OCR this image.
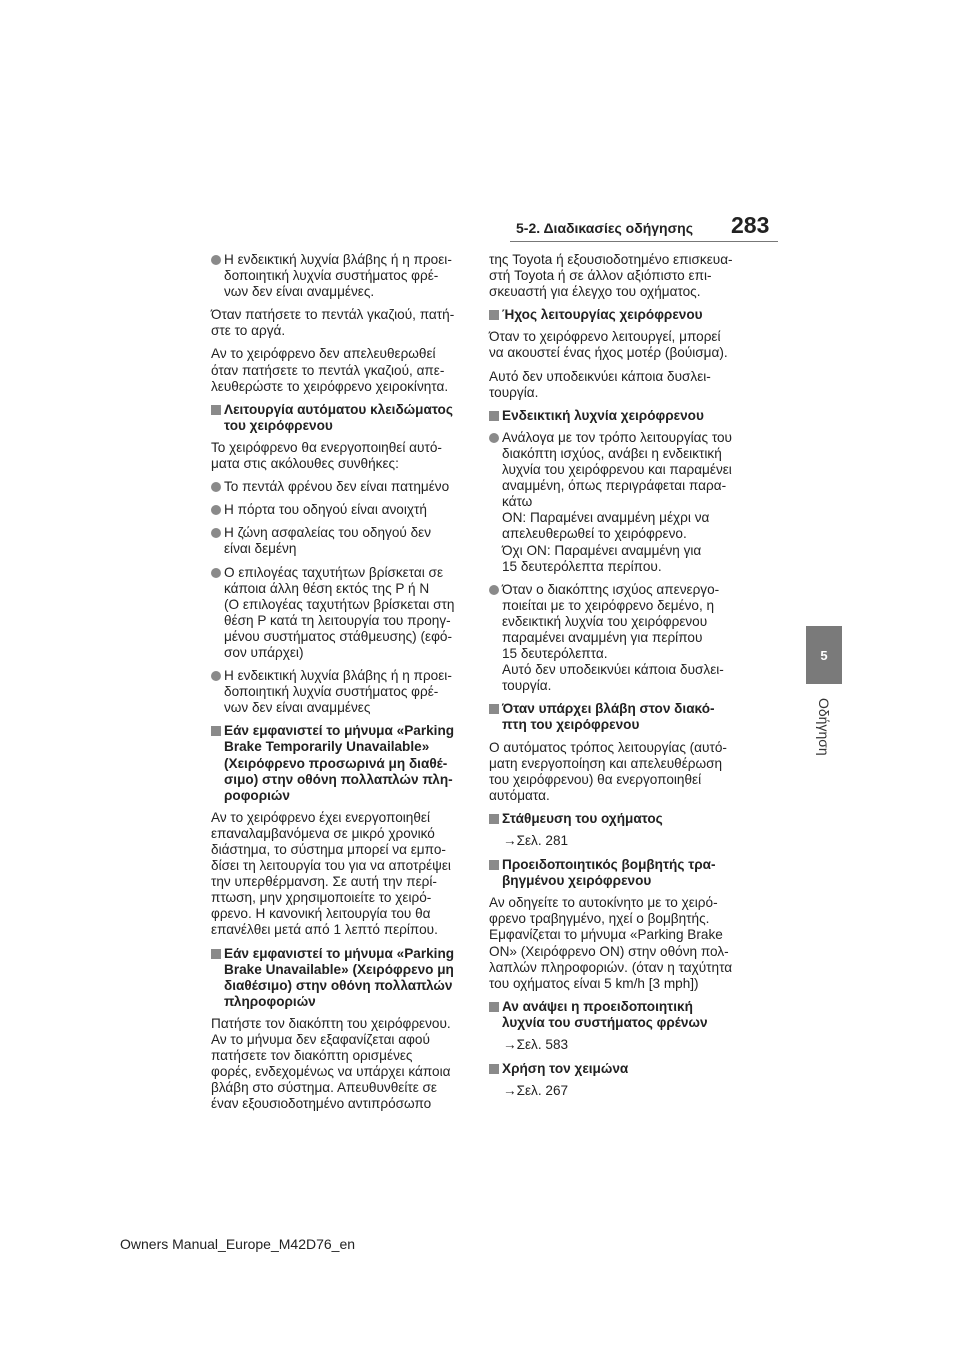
5-2. Διαδικασίες οδήγησης 283
5
Οδήγηση
Η ενδεικτική λυχνία βλάβης ή η προει-
δοποιητική λυχνία συστήματος φρέ-
νων δεν είναι αναμμένες.
Όταν πατήσετε το πεντάλ γκαζιού, πατή-
στε το αργά.
Αν το χειρόφρενο δεν απελευθερωθεί
όταν πατήσετε το πεντάλ γκαζιού, απε-
λευθερώστε το χειρόφρενο χειροκίνητα.
Λειτουργία αυτόματου κλειδώματος
του χειρόφρενου
Το χειρόφρενο θα ενεργοποιηθεί αυτό-
ματα στις ακόλουθες συνθήκες:
Το πεντάλ φρένου δεν είναι πατημένο
Η πόρτα του οδηγού είναι ανοιχτή
Η ζώνη ασφαλείας του οδηγού δεν
είναι δεμένη
Ο επιλογέας ταχυτήτων βρίσκεται σε
κάποια άλλη θέση εκτός της P ή N
(Ο επιλογέας ταχυτήτων βρίσκεται στη
θέση P κατά τη λειτουργία του προηγ-
μένου συστήματος στάθμευσης) (εφό-
σον υπάρχει)
Η ενδεικτική λυχνία βλάβης ή η προει-
δοποιητική λυχνία συστήματος φρέ-
νων δεν είναι αναμμένες
Εάν εμφανιστεί το μήνυμα «Parking
Brake Temporarily Unavailable»
(Χειρόφρενο προσωρινά μη διαθέ-
σιμο) στην οθόνη πολλαπλών πλη-
ροφοριών
Αν το χειρόφρενο έχει ενεργοποιηθεί
επαναλαμβανόμενα σε μικρό χρονικό
διάστημα, το σύστημα μπορεί να εμπο-
δίσει τη λειτουργία του για να αποτρέψει
την υπερθέρμανση. Σε αυτή την περί-
πτωση, μην χρησιμοποιείτε το χειρό-
φρενο. Η κανονική λειτουργία του θα
επανέλθει μετά από 1 λεπτό περίπου.
Εάν εμφανιστεί το μήνυμα «Parking
Brake Unavailable» (Χειρόφρενο μη
διαθέσιμο) στην οθόνη πολλαπλών
πληροφοριών
Πατήστε τον διακόπτη του χειρόφρενου.
Αν το μήνυμα δεν εξαφανίζεται αφού
πατήσετε τον διακόπτη ορισμένες
φορές, ενδεχομένως να υπάρχει κάποια
βλάβη στο σύστημα. Απευθυνθείτε σε
έναν εξουσιοδοτημένο αντιπρόσωπο
της Toyota ή εξουσιοδοτημένο επισκευα-
στή Toyota ή σε άλλον αξιόπιστο επι-
σκευαστή για έλεγχο του οχήματος.
Ήχος λειτουργίας χειρόφρενου
Όταν το χειρόφρενο λειτουργεί, μπορεί
να ακουστεί ένας ήχος μοτέρ (βούισμα).
Αυτό δεν υποδεικνύει κάποια δυσλει-
τουργία.
Ενδεικτική λυχνία χειρόφρενου
Ανάλογα με τον τρόπο λειτουργίας του
διακόπτη ισχύος, ανάβει η ενδεικτική
λυχνία του χειρόφρενου και παραμένει
αναμμένη, όπως περιγράφεται παρα-
κάτω
ON: Παραμένει αναμμένη μέχρι να
απελευθερωθεί το χειρόφρενο.
Όχι ON: Παραμένει αναμμένη για
15 δευτερόλεπτα περίπου.
Όταν ο διακόπτης ισχύος απενεργο-
ποιείται με το χειρόφρενο δεμένο, η
ενδεικτική λυχνία του χειρόφρενου
παραμένει αναμμένη για περίπου
15 δευτερόλεπτα.
Αυτό δεν υποδεικνύει κάποια δυσλει-
τουργία.
Όταν υπάρχει βλάβη στον διακό-
πτη του χειρόφρενου
Ο αυτόματος τρόπος λειτουργίας (αυτό-
ματη ενεργοποίηση και απελευθέρωση
του χειρόφρενου) θα ενεργοποιηθεί
αυτόματα.
Στάθμευση του οχήματος
→Σελ. 281
Προειδοποιητικός βομβητής τρα-
βηγμένου χειρόφρενου
Αν οδηγείτε το αυτοκίνητο με το χειρό-
φρενο τραβηγμένο, ηχεί ο βομβητής.
Εμφανίζεται το μήνυμα «Parking Brake
ON» (Χειρόφρενο ON) στην οθόνη πολ-
λαπλών πληροφοριών. (όταν η ταχύτητα
του οχήματος είναι 5 km/h [3 mph])
Αν ανάψει η προειδοποιητική
λυχνία του συστήματος φρένων
→Σελ. 583
Χρήση τον χειμώνα
→Σελ. 267
Owners Manual_Europe_M42D76_en
